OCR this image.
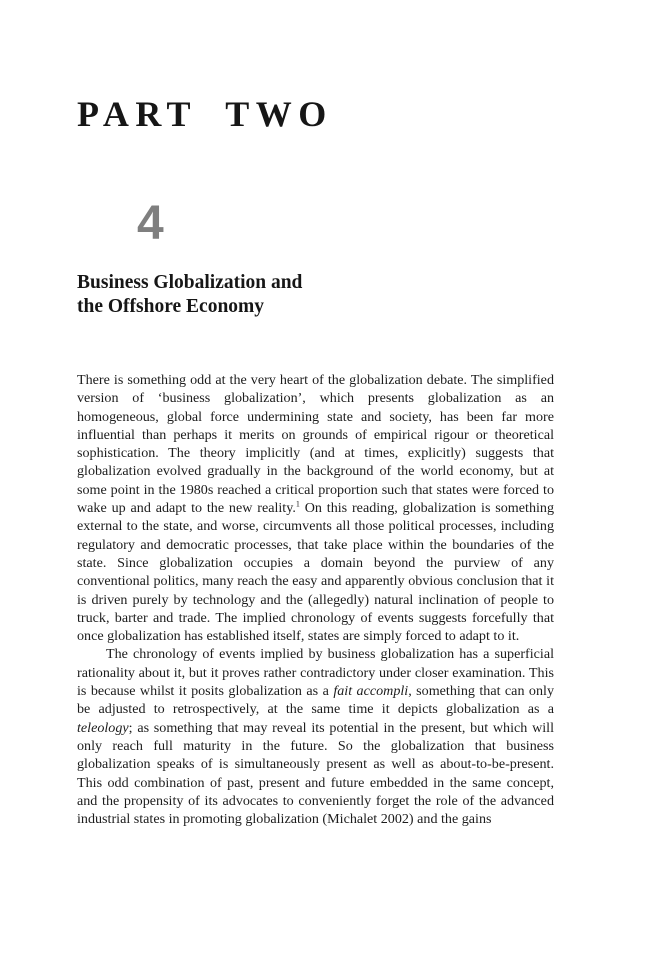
PART TWO
4
Business Globalization and
the Offshore Economy

There is something odd at the very heart of the globalization debate. The simplified version of ‘business globalization’, which presents globalization as an homogeneous, global force undermining state and society, has been far more influential than perhaps it merits on grounds of empirical rigour or theoretical sophistication. The theory implicitly (and at times, explicitly) suggests that globalization evolved gradually in the background of the world economy, but at some point in the 1980s reached a critical proportion such that states were forced to wake up and adapt to the new reality.$^1$ On this reading, globalization is something external to the state, and worse, circumvents all those political processes, including regulatory and democratic processes, that take place within the boundaries of the state. Since globalization occupies a domain beyond the purview of any conventional politics, many reach the easy and apparently obvious conclusion that it is driven purely by technology and the (allegedly) natural inclination of people to truck, barter and trade. The implied chronology of events suggests forcefully that once globalization has established itself, states are simply forced to adapt to it.

The chronology of events implied by business globalization has a superficial rationality about it, but it proves rather contradictory under closer examination. This is because whilst it posits globalization as a fait accompli, something that can only be adjusted to retrospectively, at the same time it depicts globalization as a teleology; as something that may reveal its potential in the present, but which will only reach full maturity in the future. So the globalization that business globalization speaks of is simultaneously present as well as about-to-be-present. This odd combination of past, present and future embedded in the same concept, and the propensity of its advocates to conveniently forget the role of the advanced industrial states in promoting globalization (Michalet 2002) and the gains
